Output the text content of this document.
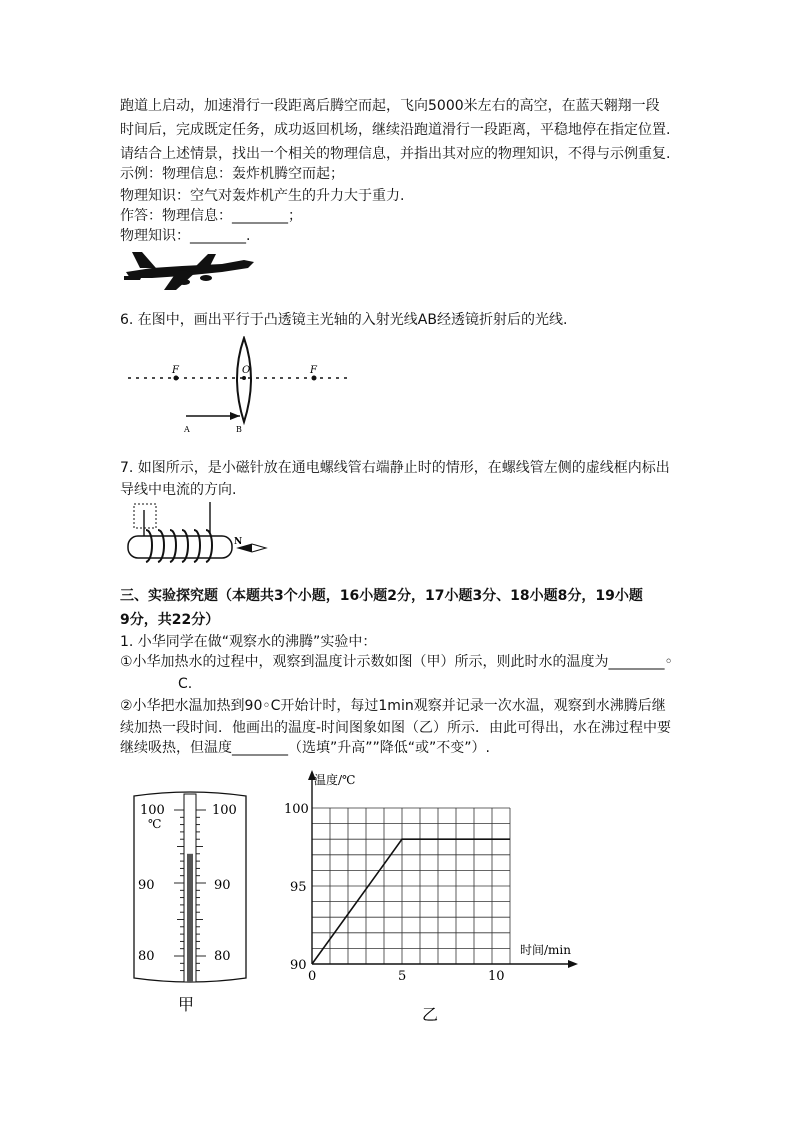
跑道上启动，加速滑行一段距离后腾空而起，飞向5000米左右的高空，在蓝天翱翔一段
时间后，完成既定任务，成功返回机场，继续沿跑道滑行一段距离，平稳地停在指定位置.
请结合上述情景，找出一个相关的物理信息，并指出其对应的物理知识，不得与示例重复.
示例：物理信息：轰炸机腾空而起；
物理知识：空气对轰炸机产生的升力大于重力.
作答：物理信息：________；
物理知识：________.
6. 在图中，画出平行于凸透镜主光轴的入射光线AB经透镜折射后的光线.
F	O	F
A	B
7. 如图所示，是小磁针放在通电螺线管右端静止时的情形，在螺线管左侧的虚线框内标出
导线中电流的方向.
N
三、实验探究题（本题共3个小题，16小题2分，17小题3分、18小题8分，19小题
9分，共22分）
1. 小华同学在做“观察水的沸腾”实验中：
①小华加热水的过程中，观察到温度计示数如图（甲）所示，则此时水的温度为________◦
C.
②小华把水温加热到90◦C开始计时，每过1min观察并记录一次水温，观察到水沸腾后继
续加热一段时间．他画出的温度-时间图象如图（乙）所示．由此可得出，水在沸过程中要
继续吸热，但温度________（选填”升高””降低“或”不变”）.
℃
100
90
80
100
90
80
甲
温度/℃
时间/min
0	5	10
90
95
100
乙
